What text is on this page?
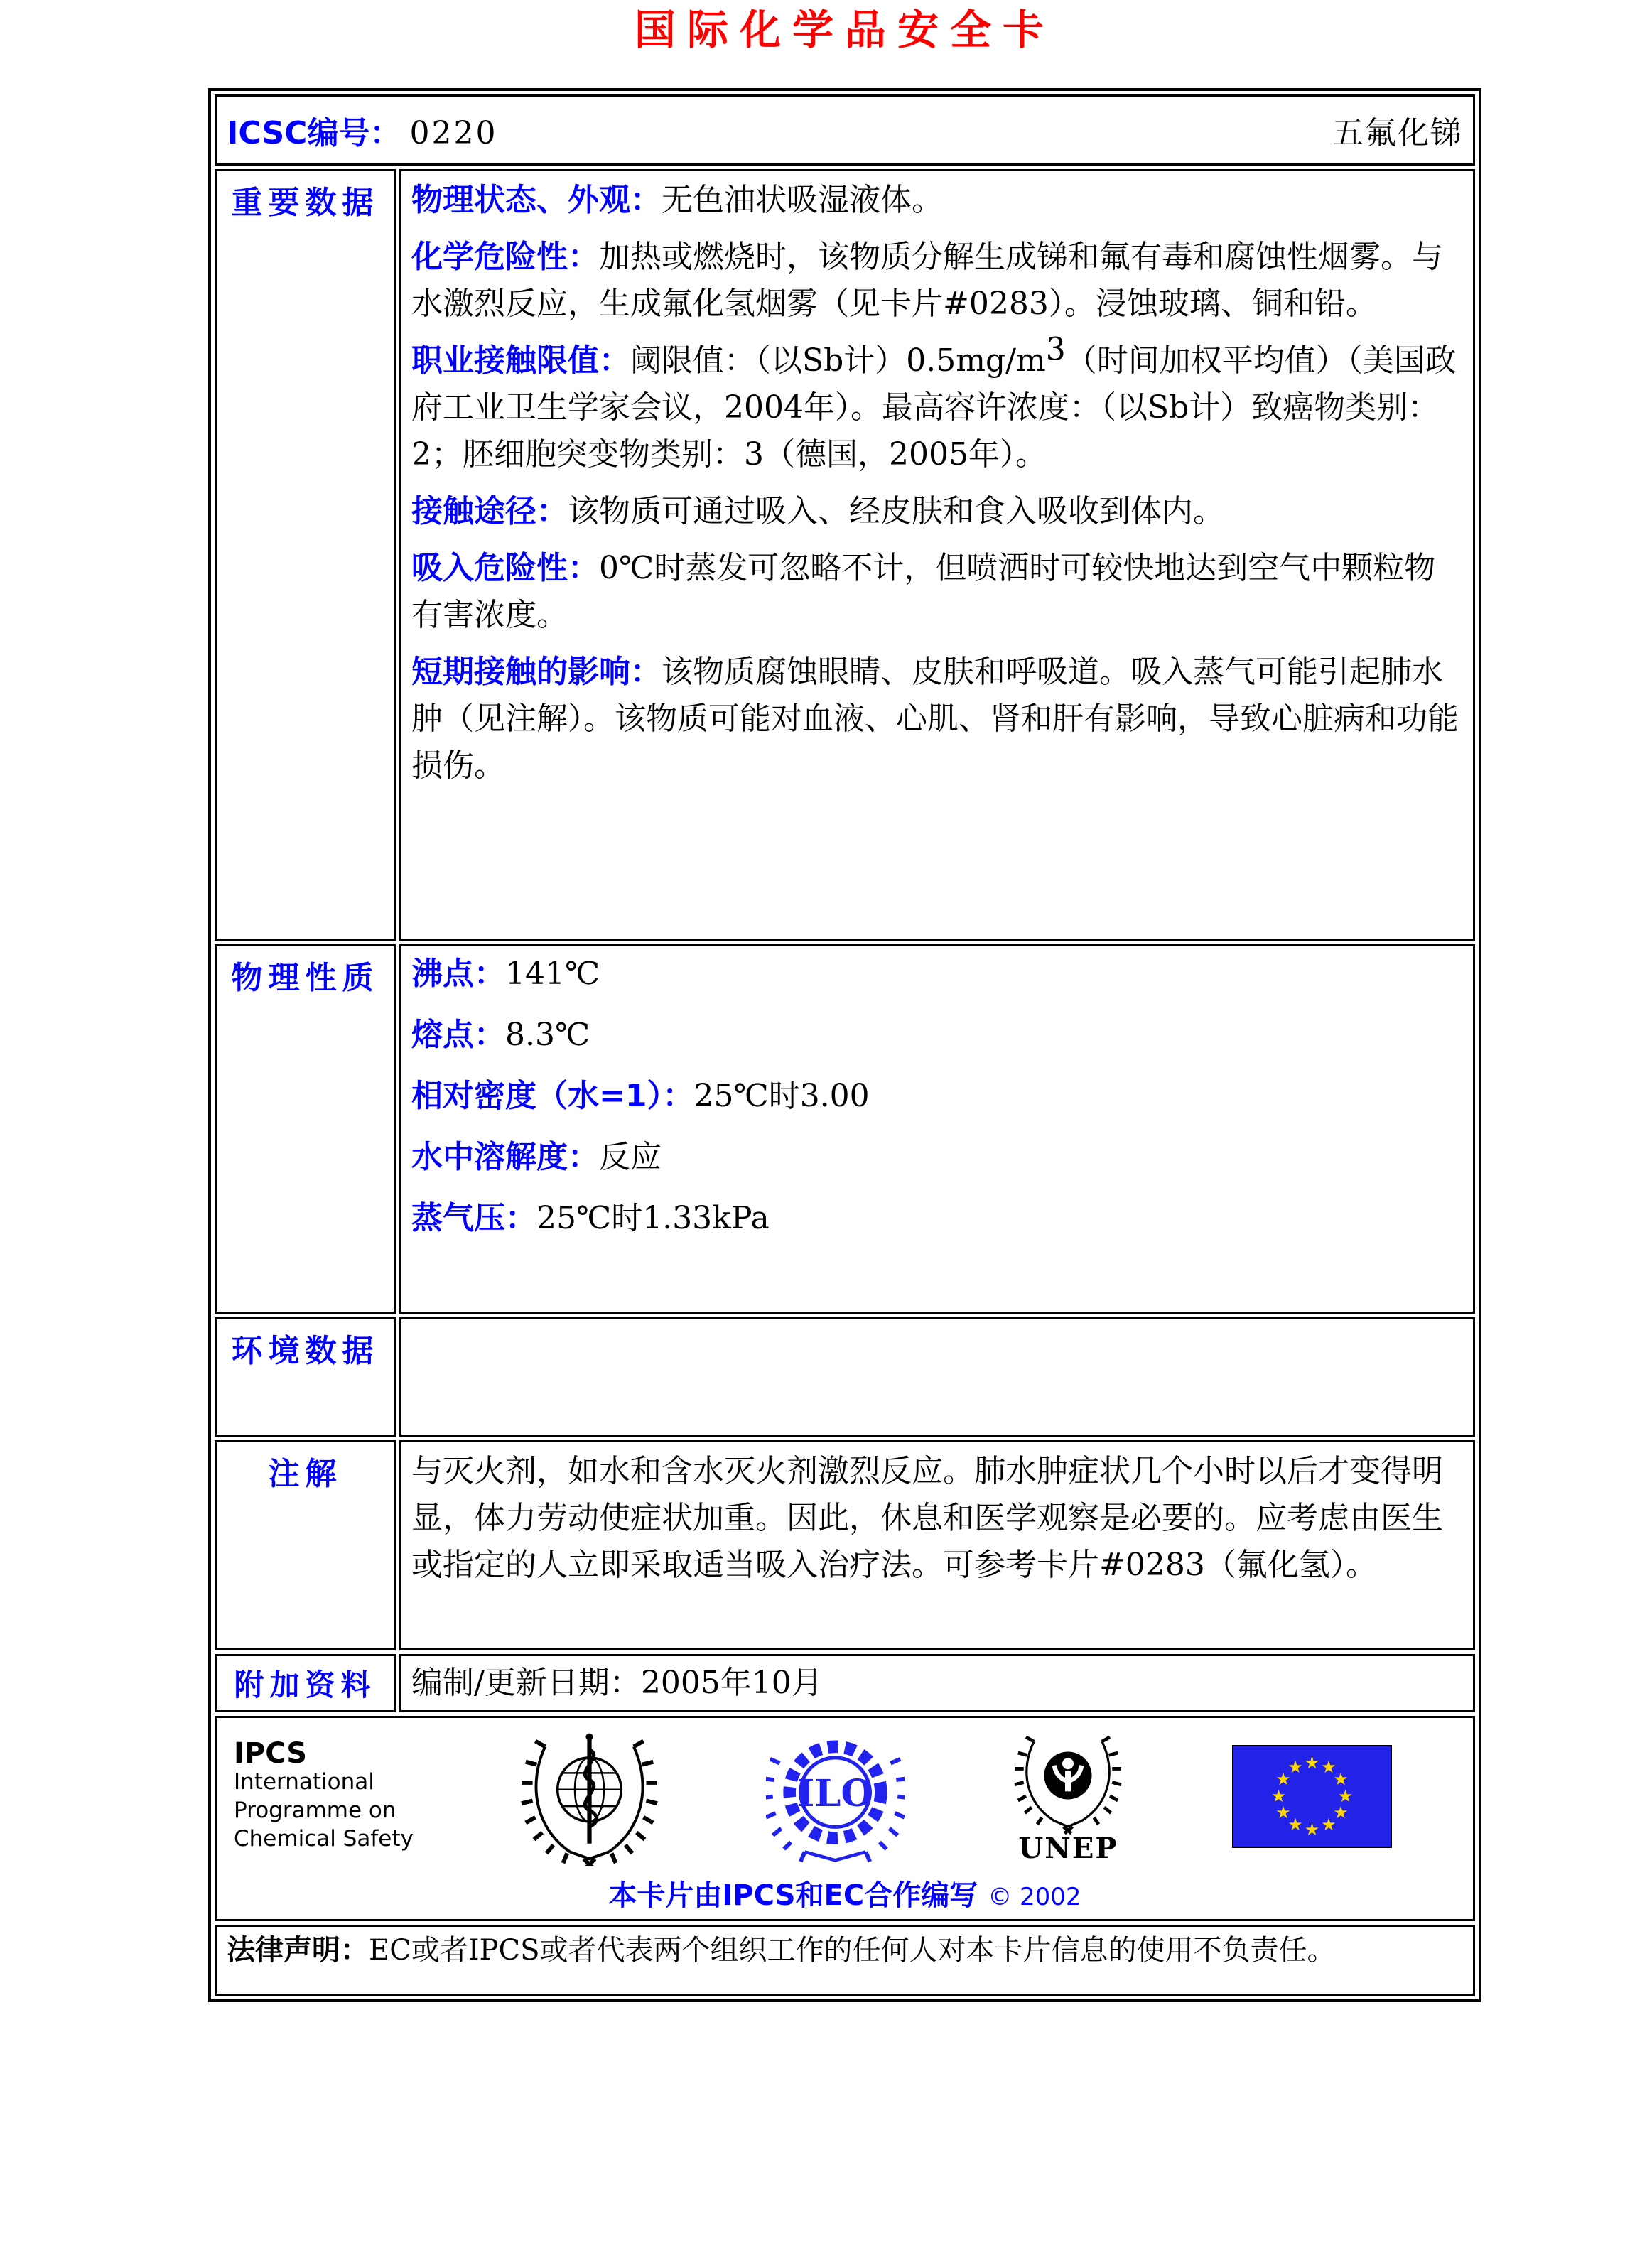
国际化学品安全卡
ICSC编号： 0220 五氟化锑	

重要数据	物理状态、外观：无色油状吸湿液体。

化学危险性：加热或燃烧时，该物质分解生成锑和氟有毒和腐蚀性烟雾。与水激烈反应，生成氟化氢烟雾（见卡片#0283）。浸蚀玻璃、铜和铅。

职业接触限值：阈限值：（以Sb计）$0.5mg/m^3$（时间加权平均值）（美国政府工业卫生学家会议，2004年）。最高容许浓度：（以Sb计）致癌物类别：2；胚细胞突变物类别：3（德国，2005年）。

接触途径：该物质可通过吸入、经皮肤和食入吸收到体内。

吸入危险性：0℃时蒸发可忽略不计，但喷洒时可较快地达到空气中颗粒物有害浓度。

短期接触的影响：该物质腐蚀眼睛、皮肤和呼吸道。吸入蒸气可能引起肺水肿（见注解）。该物质可能对血液、心肌、肾和肝有影响，导致心脏病和功能损伤。

物理性质	沸点：141℃

熔点：8.3℃

相对密度（水=1）：25℃时3.00

水中溶解度：反应

蒸气压：25℃时1.33kPa

环境数据	
注解	与灭火剂，如水和含水灭火剂激烈反应。肺水肿症状几个小时以后才变得明显，体力劳动使症状加重。因此，休息和医学观察是必要的。应考虑由医生或指定的人立即采取适当吸入治疗法。可参考卡片#0283（氟化氢）。

附加资料	编制/更新日期：2005年10月

IPCS
International
Programme on
Chemical Safety
ILO
UNEP
★ ★
★
★
★
★
★
★
★
★
★
★
本卡片由IPCS和EC合作编写 © 2002

法律声明：EC或者IPCS或者代表两个组织工作的任何人对本卡片信息的使用不负责任。	
